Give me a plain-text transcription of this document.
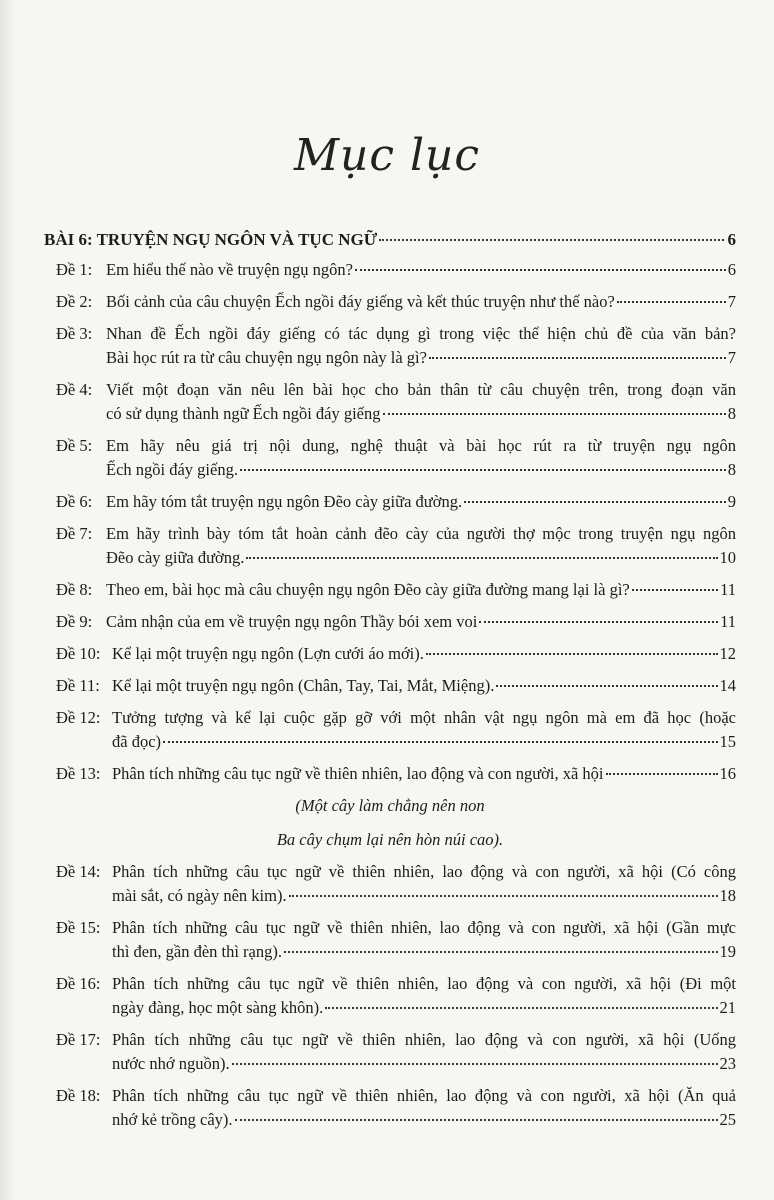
Mục lục
BÀI 6: TRUYỆN NGỤ NGÔN VÀ TỤC NGỮ	6
Đề 1: Em hiểu thế nào về truyện ngụ ngôn?	6
Đề 2: Bối cảnh của câu chuyện Ếch ngồi đáy giếng và kết thúc truyện như thế nào?	7
Đề 3: Nhan đề Ếch ngồi đáy giếng có tác dụng gì trong việc thể hiện chủ đề của văn bản?
Bài học rút ra từ câu chuyện ngụ ngôn này là gì?	7
Đề 4: Viết một đoạn văn nêu lên bài học cho bản thân từ câu chuyện trên, trong đoạn văn
có sử dụng thành ngữ Ếch ngồi đáy giếng	8
Đề 5: Em hãy nêu giá trị nội dung, nghệ thuật và bài học rút ra từ truyện ngụ ngôn
Ếch ngồi đáy giếng.	8
Đề 6: Em hãy tóm tắt truyện ngụ ngôn Đẽo cày giữa đường.	9
Đề 7: Em hãy trình bày tóm tắt hoàn cảnh đẽo cày của người thợ mộc trong truyện ngụ ngôn
Đẽo cày giữa đường.	10
Đề 8: Theo em, bài học mà câu chuyện ngụ ngôn Đẽo cày giữa đường mang lại là gì?	11
Đề 9: Cảm nhận của em về truyện ngụ ngôn Thầy bói xem voi	11
Đề 10: Kể lại một truyện ngụ ngôn (Lợn cưới áo mới).	12
Đề 11: Kể lại một truyện ngụ ngôn (Chân, Tay, Tai, Mắt, Miệng).	14
Đề 12: Tưởng tượng và kể lại cuộc gặp gỡ với một nhân vật ngụ ngôn mà em đã học (hoặc
đã đọc)	15
Đề 13: Phân tích những câu tục ngữ về thiên nhiên, lao động và con người, xã hội	16
(Một cây làm chẳng nên non
Ba cây chụm lại nên hòn núi cao).
Đề 14: Phân tích những câu tục ngữ về thiên nhiên, lao động và con người, xã hội (Có công
mài sắt, có ngày nên kim).	18
Đề 15: Phân tích những câu tục ngữ về thiên nhiên, lao động và con người, xã hội (Gần mực
thì đen, gần đèn thì rạng).	19
Đề 16: Phân tích những câu tục ngữ về thiên nhiên, lao động và con người, xã hội (Đi một
ngày đàng, học một sàng khôn).	21
Đề 17: Phân tích những câu tục ngữ về thiên nhiên, lao động và con người, xã hội (Uống
nước nhớ nguồn).	23
Đề 18: Phân tích những câu tục ngữ về thiên nhiên, lao động và con người, xã hội (Ăn quả
nhớ kẻ trồng cây).	25
